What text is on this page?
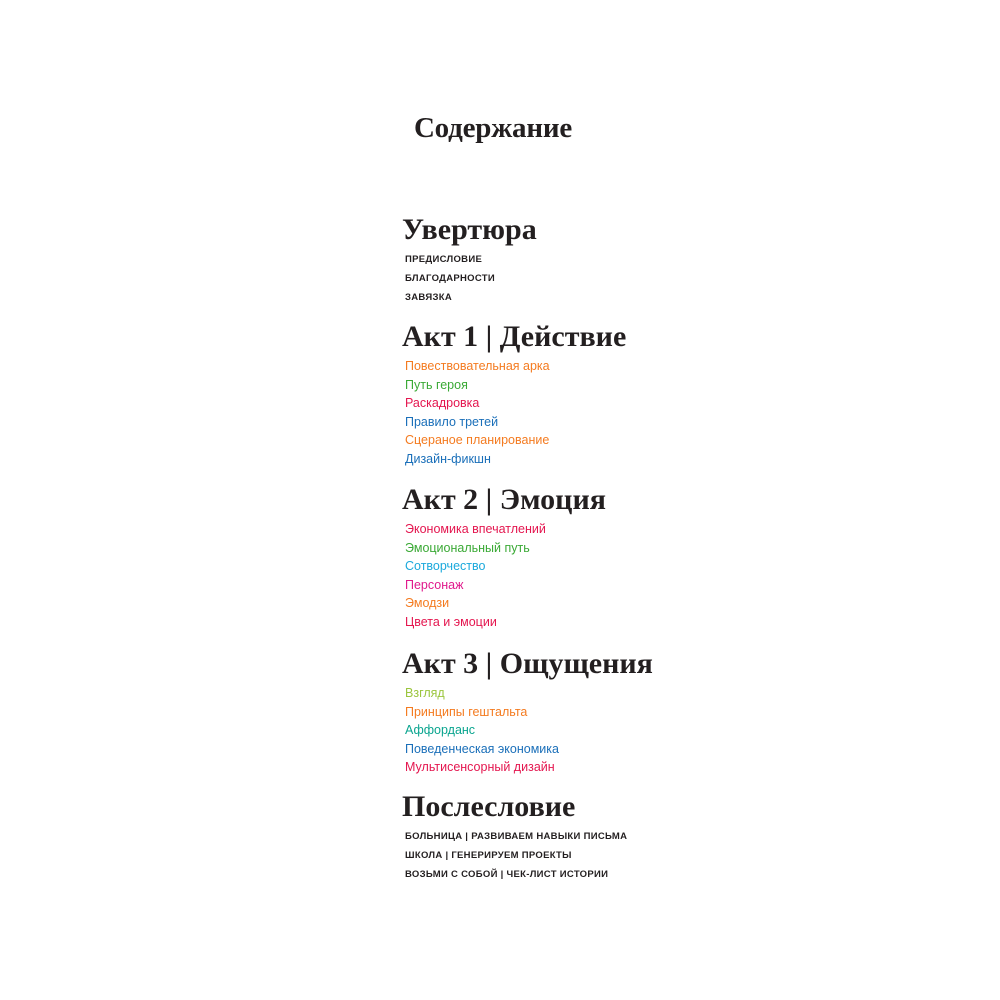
Содержание
Увертюра
ПРЕДИСЛОВИЕ
БЛАГОДАРНОСТИ
ЗАВЯЗКА
Акт 1 | Действие
Повествовательная арка
Путь героя
Раскадровка
Правило третей
Сцераное планирование
Дизайн-фикшн
Акт 2 | Эмоция
Экономика впечатлений
Эмоциональный путь
Сотворчество
Персонаж
Эмодзи
Цвета и эмоции
Акт 3 | Ощущения
Взгляд
Принципы гештальта
Аффорданс
Поведенческая экономика
Мультисенсорный дизайн
Послесловие
БОЛЬНИЦА | РАЗВИВАЕМ НАВЫКИ ПИСЬМА
ШКОЛА | ГЕНЕРИРУЕМ ПРОЕКТЫ
ВОЗЬМИ С СОБОЙ | ЧЕК-ЛИСТ ИСТОРИИ
